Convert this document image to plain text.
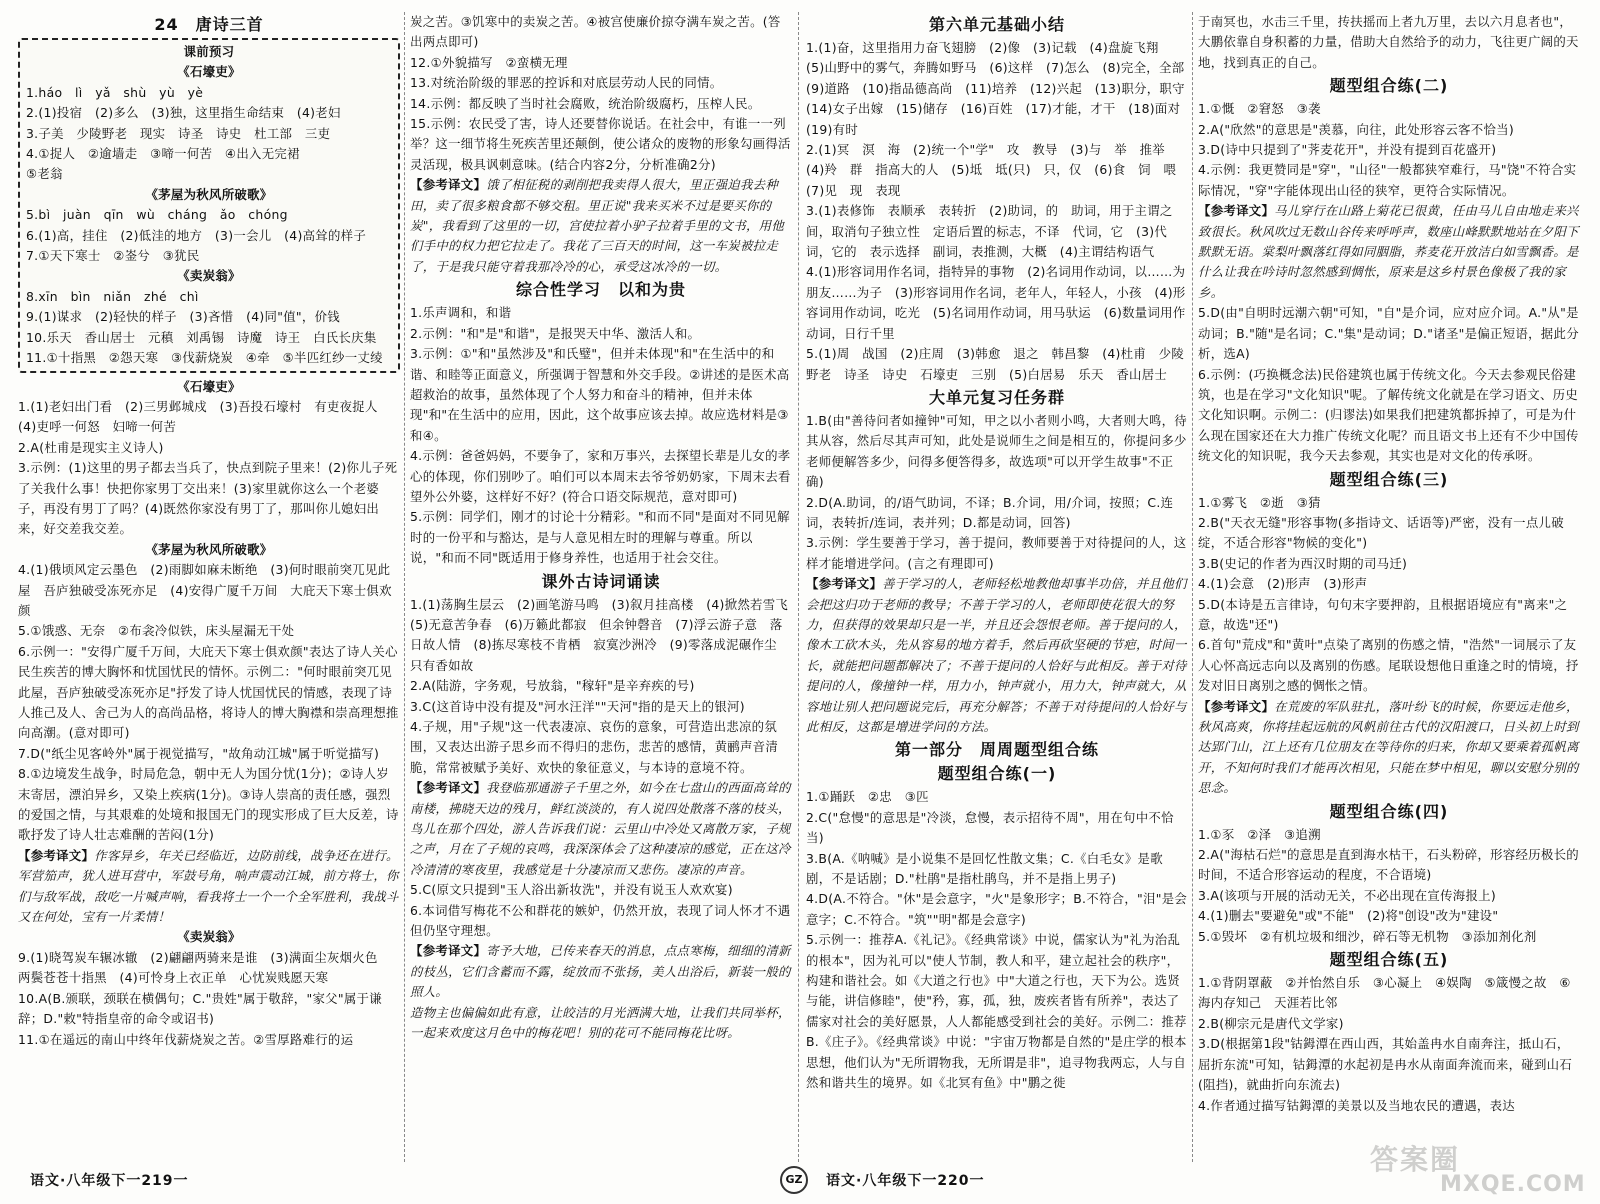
24　唐诗三首
课前预习
《石壕吏》

1.háo　lì　yǎ　shù　yù　yè

2.(1)投宿　(2)多么　(3)独，这里指生命结束　(4)老妇

3.子美　少陵野老　现实　诗圣　诗史　杜工部　三吏

4.①捉人　②逾墙走　③啼一何苦　④出入无完裙

⑤老翁

《茅屋为秋风所破歌》

5.bì　juàn　qīn　wù　cháng　ǎo　chóng

6.(1)高，挂住　(2)低洼的地方　(3)一会儿　(4)高耸的样子

7.①天下寒士　②崟兮　③犹民

《卖炭翁》

8.xīn　bìn　niǎn　zhé　chì

9.(1)谋求　(2)轻快的样子　(3)吝惜　(4)同"值"，价钱

10.乐天　香山居士　元稹　刘禹锡　诗魔　诗王　白氏长庆集

11.①十指黑　②怨天寒　③伐薪烧炭　④牵　⑤半匹红纱一丈绫

《石壕吏》

1.(1)老妇出门看　(2)三男邺城戍　(3)吾投石壕村　有吏夜捉人　(4)吏呼一何怒　妇啼一何苦

2.A(杜甫是现实主义诗人)

3.示例：(1)这里的男子都去当兵了，快点到院子里来！(2)你儿子死了关我什么事！快把你家男丁交出来！(3)家里就你这么一个老婆子，再没有男丁了吗？(4)既然你家没有男丁了，那叫你儿媳妇出来，好交差我交差。

《茅屋为秋风所破歌》

4.(1)俄顷风定云墨色　(2)雨脚如麻未断绝　(3)何时眼前突兀见此屋　吾庐独破受冻死亦足　(4)安得广厦千万间　大庇天下寒士俱欢颜

5.①饿惑、无奈　②布衾冷似铁，床头屋漏无干处

6.示例一："安得广厦千万间，大庇天下寒士俱欢颜"表达了诗人关心民生疾苦的博大胸怀和忧国忧民的情怀。示例二："何时眼前突兀见此屋，吾庐独破受冻死亦足"抒发了诗人忧国忧民的情感，表现了诗人推己及人、舍己为人的高尚品格，将诗人的博大胸襟和崇高理想推向高潮。(意对即可)

7.D("纸尘见客岭外"属于视觉描写，"故角动江城"属于听觉描写)

8.①边境发生战争，时局危急，朝中无人为国分忧(1分)；②诗人岁末寄居，漂泊异乡，又染上疾病(1分)。③诗人崇高的责任感，强烈的爱国之情，与其艰难的处境和报国无门的现实形成了巨大反差，诗歌抒发了诗人壮志难酬的苦闷(1分)

【参考译文】作客异乡，年关已经临近，边防前线，战争还在进行。军营笳声，犹人进耳营中，军鼓号角，响声震动江城，前方将士，你们与敌军战，敌吃一片喊声响，看我将士一个一个全军胜利，我战斗又在何处，宝有一片柔情！

《卖炭翁》

9.(1)晓驾炭车辗冰辙　(2)翩翩两骑来是谁　(3)满面尘灰烟火色　两鬓苍苍十指黑　(4)可怜身上衣正单　心忧炭贱愿天寒

10.A(B.颁联，颈联在横偶句；C."贵姓"属于敬辞，"家父"属于谦辞；D."敕"特指皇帝的命令或诏书)

11.①在遥远的南山中终年伐薪烧炭之苦。②雪厚路难行的运

炭之苦。③饥寒中的卖炭之苦。④被宫使廉价掠夺满车炭之苦。(答出两点即可)

12.①外貌描写　②蛮横无理

13.对统治阶级的罪恶的控诉和对底层劳动人民的同情。

14.示例：都反映了当时社会腐败，统治阶级腐朽，压榨人民。

15.示例：农民受了害，诗人还要替你说话。在社会中，有谁一一列举？这一细节将生死疾苦里还颠倒，使公诸众的废物的形象勾画得活灵活现，极具讽刺意味。(结合内容2分，分析准确2分)

【参考译文】饿了相征税的剥削把我卖得人很大，里正强迫我去种田，卖了很多粮食都不够交租。里正说"我来买米不过是要买你的炭"，我看到了这里的一切，宫使拉着小驴子拉着手里的文书，用他们手中的权力把它拉走了。我花了三百天的时间，这一车炭被拉走了，于是我只能守着我那冷冷的心，承受这冰冷的一切。

综合性学习　以和为贵

1.乐声调和，和谐

2.示例："和"是"和谐"，是报哭天中华、激活人和。

3.示例：①"和"虽然涉及"和氏璧"，但并未体现"和"在生活中的和谐、和睦等正面意义，所强调于智慧和外交手段。②讲述的是医术高超救治的故事，虽然体现了个人努力和奋斗的精神，但并未体现"和"在生活中的应用，因此，这个故事应该去掉。故应选材料是③和④。

4.示例：爸爸妈妈，不要争了，家和万事兴，去探望长辈是儿女的孝心的体现，你们别吵了。咱们可以本周末去爷爷奶奶家，下周末去看望外公外婆，这样好不好？(符合口语交际规范，意对即可)

5.示例：同学们，刚才的讨论十分精彩。"和而不同"是面对不同见解时的一份平和与豁达，是与人意见相左时的理解与尊重。所以说，"和而不同"既适用于修身养性，也适用于社会交往。

课外古诗词诵读

1.(1)荡胸生层云　(2)画笔游马鸣　(3)叙月挂高楼　(4)掀然若雪飞　(5)无意苦争春　(6)万籁此都寂　但余钟磬音　(7)浮云游子意　落日故人情　(8)拣尽寒枝不肯栖　寂寞沙洲冷　(9)零落成泥碾作尘　只有香如故

2.A(陆游，字务观，号放翁，"稼轩"是辛弃疾的号)

3.C(这首诗中没有提及"河水汪洋""天河"指的是天上的银河)

4.子规，用"子规"这一代表凄凉、哀伤的意象，可营造出悲凉的氛围，又表达出游子思乡而不得归的悲伤，悲苦的感情，黄鹂声音清脆，常常被赋予美好、欢快的象征意义，与本诗的意境不符。

【参考译文】我登临那通游子千里之外，如今在七盘山的西面高耸的南楼，拂晓天边的残月，鲜红淡淡的，有人说四处散落不落的枝头，鸟儿在那个四处，游人告诉我们说：云里山中冷处又离散万家，子规之声，月在了子规的哀鸣，我深深体会了这种凄凉的感觉，正在这冷冷清清的寒夜里，我感觉是十分凄凉而又悲伤。凄凉的声音。

5.C(原文只提到"玉人浴出新妆洗"，并没有说玉人欢欢宴)

6.本词借写梅花不公和群花的嫉妒，仍然开放，表现了词人怀才不遇但仍坚守理想。

【参考译文】寄予大地，已传来春天的消息，点点寒梅，细细的清新的枝丛，它们含蓄而不露，绽放而不张扬，美人出浴后，新装一般的照人。

造物主也偏偏如此有意，让皎洁的月光洒满大地，让我们共同举杯，一起来欢度这月色中的梅花吧！别的花可不能同梅花比呀。

第六单元基础小结

1.(1)奋，这里指用力奋飞翅膀　(2)像　(3)记载　(4)盘旋飞翔　(5)山野中的雾气，奔腾如野马　(6)这样　(7)怎么　(8)完全，全部　(9)道路　(10)指品德高尚　(11)培养　(12)兴起　(13)职分，职守　(14)女子出嫁　(15)储存　(16)百姓　(17)才能，才干　(18)面对　(19)有时

2.(1)冥　溟　海　(2)统一个"学"　攻　教导　(3)与　举　推举　(4)羚　群　指高大的人　(5)坻　坻(只)　只，仅　(6)食　饲　喂　(7)见　现　表现

3.(1)表修饰　表顺承　表转折　(2)助词，的　助词，用于主谓之间，取消句子独立性　定语后置的标志，不译　代词，它　(3)代词，它的　表示选择　副词，表推测，大概　(4)主谓结构语气

4.(1)形容词用作名词，指特异的事物　(2)名词用作动词，以……为朋友……为子　(3)形容词用作名词，老年人，年轻人，小孩　(4)形容词用作动词，吃光　(5)名词用作动词，用马驮运　(6)数量词用作动词，日行千里

5.(1)周　战国　(2)庄周　(3)韩愈　退之　韩昌黎　(4)杜甫　少陵野老　诗圣　诗史　石壕吏　三别　(5)白居易　乐天　香山居士

大单元复习任务群

1.B(由"善待问者如撞钟"可知，甲之以小者则小鸣，大者则大鸣，待其从容，然后尽其声可知，此处是说师生之间是相互的，你提问多少老师便解答多少，问得多便答得多，故选项"可以开学生故事"不正确)

2.D(A.助词，的/语气助词，不译；B.介词，用/介词，按照；C.连词，表转折/连词，表并列；D.都是动词，回答)

3.示例：学生要善于学习，善于提问，教师要善于对待提问的人，这样才能增进学问。(言之有理即可)

【参考译文】善于学习的人，老师轻松地教他却事半功倍，并且他们会把这归功于老师的教导；不善于学习的人，老师即使花很大的努力，但获得的效果却只是一半，并且还会怨恨老师。善于提问的人，像木工砍木头，先从容易的地方着手，然后再砍坚硬的节疤，时间一长，就能把问题都解决了；不善于提问的人恰好与此相反。善于对待提问的人，像撞钟一样，用力小，钟声就小，用力大，钟声就大，从容地让别人把问题说完后，再充分解答；不善于对待提问的人恰好与此相反，这都是增进学问的方法。

第一部分　周周题型组合练
题型组合练(一)

1.①踊跃　②忠　③匹

2.C("怠慢"的意思是"冷淡，怠慢，表示招待不周"，用在句中不恰当)

3.B(A.《呐喊》是小说集不是回忆性散文集；C.《白毛女》是歌剧，不是话剧；D."杜鹃"是指杜鹃鸟，并不是指上男子)

4.D(A.不符合。"休"是会意字，"火"是象形字；B.不符合，"泪"是会意字；C.不符合。"筑""明"都是会意字)

5.示例一：推荐A.《礼记》。《经典常谈》中说，儒家认为"礼为治乱的根本"，因为礼可以"使人节制，教人和平，建立起社会的秩序"，构建和谐社会。如《大道之行也》中"大道之行也，天下为公。选贤与能，讲信修睦"，使"矜，寡，孤，独，废疾者皆有所养"，表达了儒家对社会的美好愿景，人人都能感受到社会的美好。示例二：推荐B.《庄子》。《经典常谈》中说："宇宙万物都是自然的"是庄学的根本思想，他们认为"无所谓物我，无所谓是非"，追寻物我两忘，人与自然和谐共生的境界。如《北冥有鱼》中"鹏之徙

于南冥也，水击三千里，抟扶摇而上者九万里，去以六月息者也"，大鹏依靠自身积蓄的力量，借助大自然给予的动力，飞往更广阔的天地，找到真正的自己。

题型组合练(二)

1.①慨　②窘怒　③袭

2.A("欣然"的意思是"羡慕，向往，此处形容云客不恰当)

3.D(诗中只提到了"荠麦花开"，并没有提到百花盛开)

4.示例：我更赞同是"穿"，"山径"一般都狭窄难行，马"饶"不符合实际情况，"穿"字能体现出山径的狭窄，更符合实际情况。

【参考译文】马儿穿行在山路上菊花已很黄，任由马儿自由地走来兴致很长。秋风吹过无数山谷传来呼呼声，数座山峰默默地站在夕阳下默默无语。棠梨叶飘落红得如同胭脂，荞麦花开放洁白如雪飘香。是什么让我在吟诗时忽然感到惆怅，原来是这乡村景色像极了我的家乡。

5.D(由"自明时远潮六朝"可知，"自"是介词，应对应介词。A."从"是动词；B."随"是名词；C."集"是动词；D."诸圣"是偏正短语，据此分析，选A)

6.示例：(巧换概念法)民俗建筑也属于传统文化。今天去参观民俗建筑，也是在学习"文化知识"呢。了解传统文化就是在学习语文、历史文化知识啊。示例二：(归谬法)如果我们把建筑都拆掉了，可是为什么现在国家还在大力推广传统文化呢？而且语文书上还有不少中国传统文化的知识呢，我今天去参观，其实也是对文化的传承呀。

题型组合练(三)

1.①雾飞　②逝　③猜

2.B("天衣无缝"形容事物(多指诗文、话语等)严密，没有一点儿破绽，不适合形容"物候的变化")

3.B(史记的作者为西汉时期的司马迁)

4.(1)会意　(2)形声　(3)形声

5.D(本诗是五言律诗，句句末字要押韵，且根据语境应有"离来"之意，故选"还")

6.首句"荒戍"和"黄叶"点染了离别的伤感之情，"浩然"一词展示了友人心怀高远志向以及离别的伤感。尾联设想他日重逢之时的情境，抒发对旧日离别之感的惆怅之情。

【参考译文】在荒废的军队驻扎，落叶纷飞的时候，你要远走他乡，秋风高爽，你将挂起远航的风帆前往古代的汉阳渡口，日头初上时到达郢门山，江上还有几位朋友在等待你的归来，你却又要乘着孤帆离开，不知何时我们才能再次相见，只能在梦中相见，聊以安慰分别的思念。

题型组合练(四)

1.①豕　②泽　③追溯

2.A("海枯石烂"的意思是直到海水枯干，石头粉碎，形容经历极长的时间，不适合形容运动的程度，不合语境)

3.A(该项与开展的活动无关，不必出现在宣传海报上)

4.(1)删去"要避免"或"不能"　(2)将"创设"改为"建设"

5.①毁坏　②有机垃圾和细沙，碎石等无机物　③添加剂化剂

题型组合练(五)

1.①背阴罩蔽　②并怡然自乐　③心凝上　④娱陶　⑤箴慢之故　⑥海内存知己　天涯若比邻

2.B(柳宗元是唐代文学家)

3.D(根据第1段"钴鉧潭在西山西，其始盖冉水自南奔注，抵山石，屈折东流"可知，钴鉧潭的水起初是冉水从南面奔流而来，碰到山石(阻挡)，就曲折向东流去)

4.作者通过描写钴鉧潭的美景以及当地农民的遭遇，表达

语文·八年级下一219一	GZ	语文·八年级下一220一
答案圈
MXQE.COM
